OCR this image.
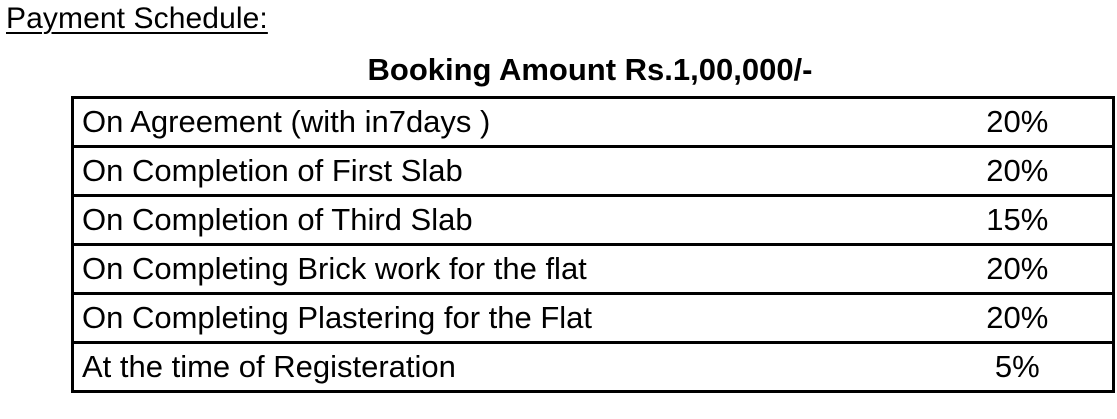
Payment Schedule:
Booking Amount Rs.1,00,000/-
On Agreement (with in7days )	20%
On Completion of First Slab	20%
On Completion of Third Slab	15%
On Completing Brick work for the flat	20%
On Completing Plastering for the Flat	20%
At the time of Registeration	5%
